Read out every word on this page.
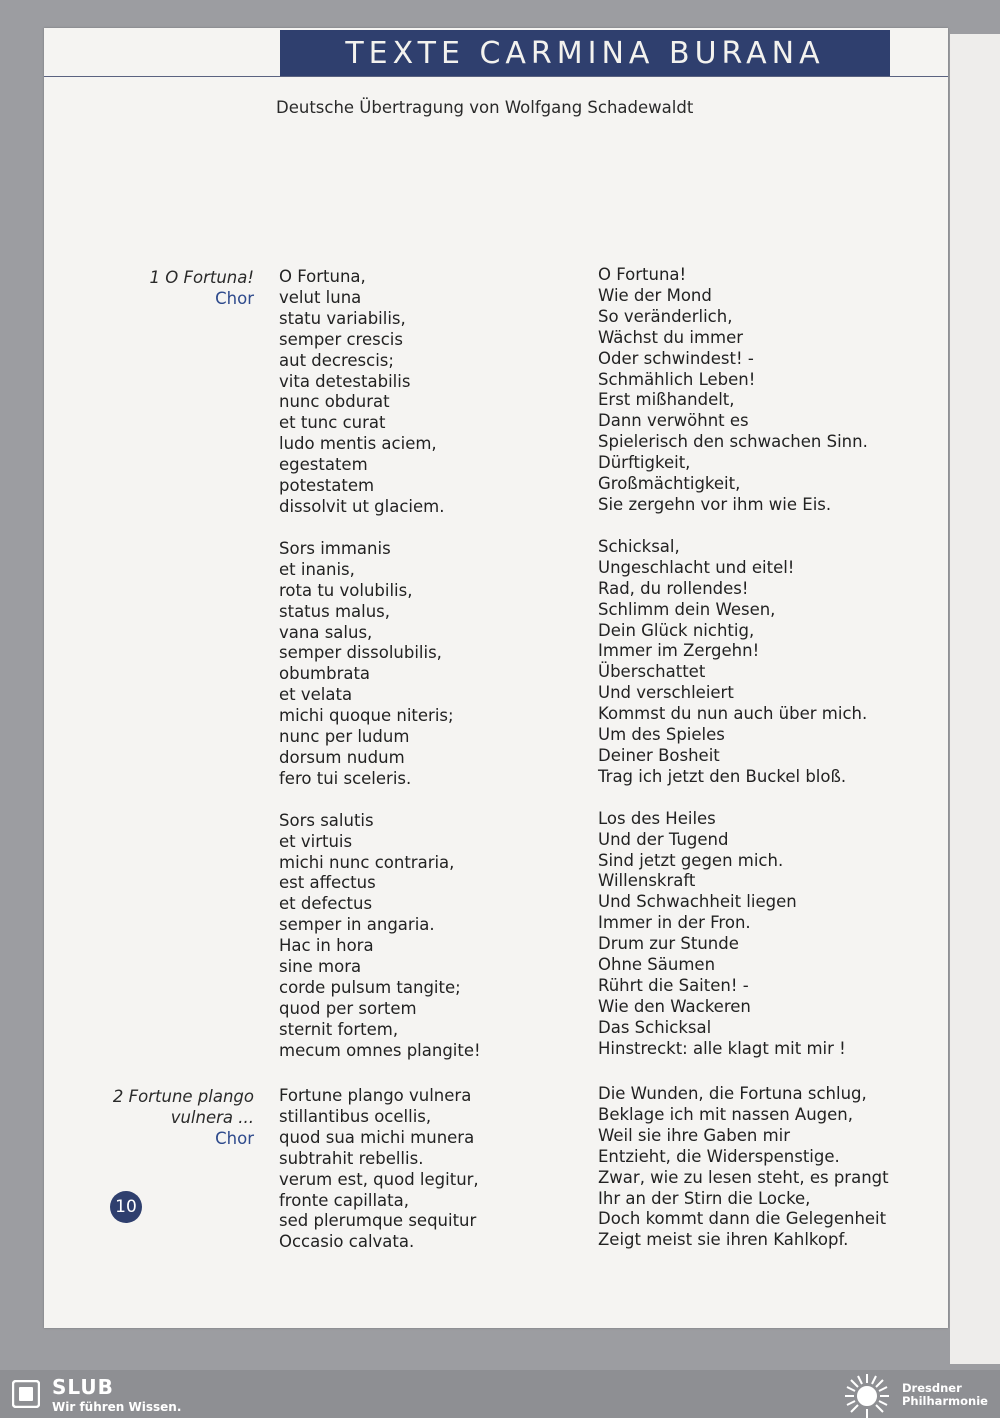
TEXTE CARMINA BURANA
Deutsche Übertragung von Wolfgang Schadewaldt
1 O Fortuna!
Chor
O Fortuna,
velut luna
statu variabilis,
semper crescis
aut decrescis;
vita detestabilis
nunc obdurat
et tunc curat
ludo mentis aciem,
egestatem
potestatem
dissolvit ut glaciem.
Sors immanis
et inanis,
rota tu volubilis,
status malus,
vana salus,
semper dissolubilis,
obumbrata
et velata
michi quoque niteris;
nunc per ludum
dorsum nudum
fero tui sceleris.
Sors salutis
et virtuis
michi nunc contraria,
est affectus
et defectus
semper in angaria.
Hac in hora
sine mora
corde pulsum tangite;
quod per sortem
sternit fortem,
mecum omnes plangite!
O Fortuna!
Wie der Mond
So veränderlich,
Wächst du immer
Oder schwindest! -
Schmählich Leben!
Erst mißhandelt,
Dann verwöhnt es
Spielerisch den schwachen Sinn.
Dürftigkeit,
Großmächtigkeit,
Sie zergehn vor ihm wie Eis.
Schicksal,
Ungeschlacht und eitel!
Rad, du rollendes!
Schlimm dein Wesen,
Dein Glück nichtig,
Immer im Zergehn!
Überschattet
Und verschleiert
Kommst du nun auch über mich.
Um des Spieles
Deiner Bosheit
Trag ich jetzt den Buckel bloß.
Los des Heiles
Und der Tugend
Sind jetzt gegen mich.
Willenskraft
Und Schwachheit liegen
Immer in der Fron.
Drum zur Stunde
Ohne Säumen
Rührt die Saiten! -
Wie den Wackeren
Das Schicksal
Hinstreckt: alle klagt mit mir !
2 Fortune plango
vulnera ...
Chor
Fortune plango vulnera
stillantibus ocellis,
quod sua michi munera
subtrahit rebellis.
verum est, quod legitur,
fronte capillata,
sed plerumque sequitur
Occasio calvata.
Die Wunden, die Fortuna schlug,
Beklage ich mit nassen Augen,
Weil sie ihre Gaben mir
Entzieht, die Widerspenstige.
Zwar, wie zu lesen steht, es prangt
Ihr an der Stirn die Locke,
Doch kommt dann die Gelegenheit
Zeigt meist sie ihren Kahlkopf.
10
SLUB
Wir führen Wissen.
Dresdner
Philharmonie
